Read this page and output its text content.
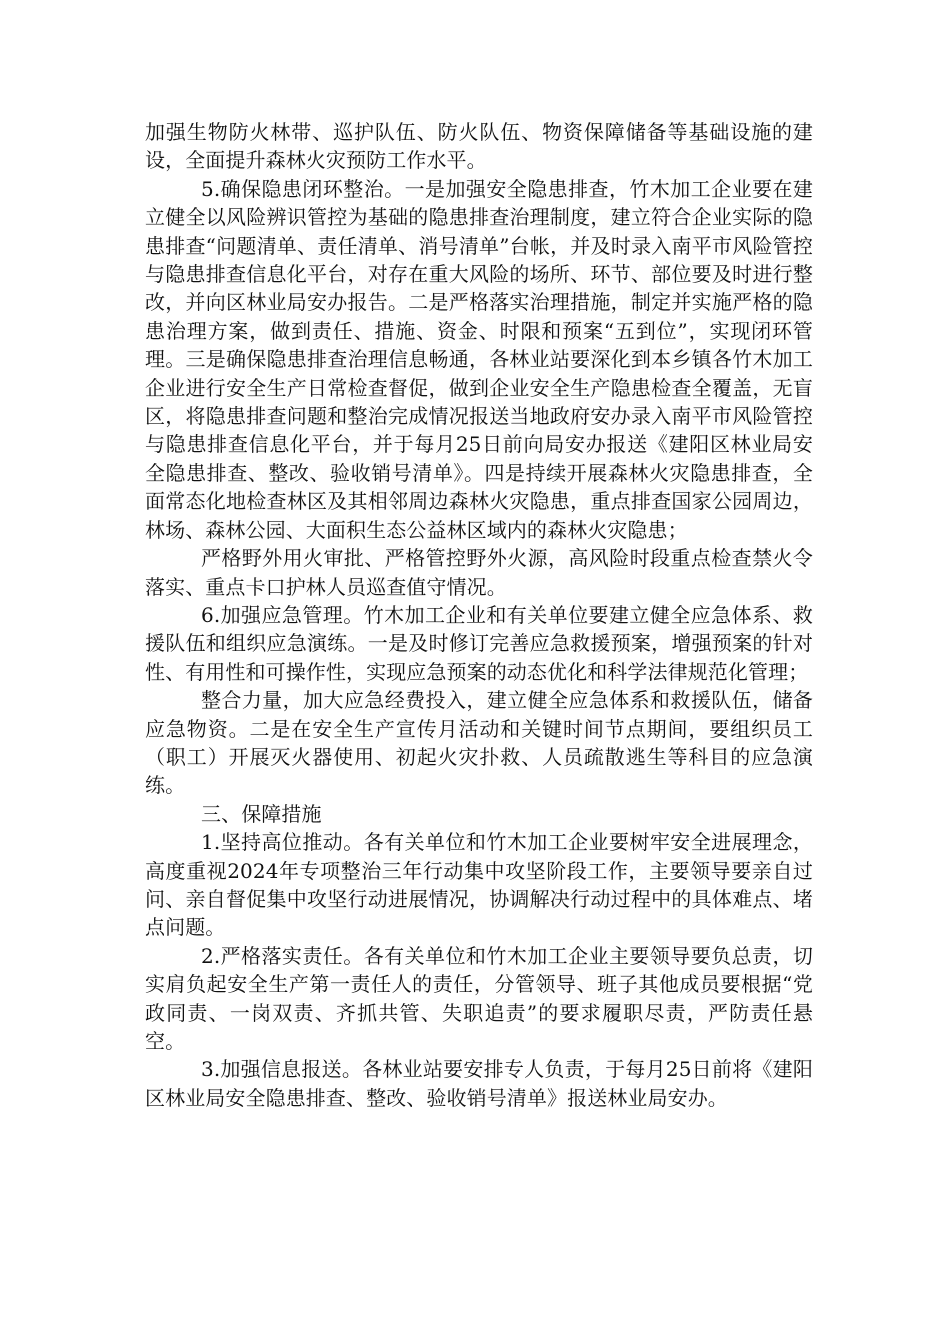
加强生物防火林带、巡护队伍、防火队伍、物资保障储备等基础设施的建设，全面提升森林火灾预防工作水平。

5.确保隐患闭环整治。一是加强安全隐患排查，竹木加工企业要在建立健全以风险辨识管控为基础的隐患排查治理制度，建立符合企业实际的隐患排查“问题清单、责任清单、消号清单”台帐，并及时录入南平市风险管控与隐患排查信息化平台，对存在重大风险的场所、环节、部位要及时进行整改，并向区林业局安办报告。二是严格落实治理措施，制定并实施严格的隐患治理方案，做到责任、措施、资金、时限和预案“五到位”，实现闭环管理。三是确保隐患排查治理信息畅通，各林业站要深化到本乡镇各竹木加工企业进行安全生产日常检查督促，做到企业安全生产隐患检查全覆盖，无盲区，将隐患排查问题和整治完成情况报送当地政府安办录入南平市风险管控与隐患排查信息化平台，并于每月25日前向局安办报送《建阳区林业局安全隐患排查、整改、验收销号清单》。四是持续开展森林火灾隐患排查，全面常态化地检查林区及其相邻周边森林火灾隐患，重点排查国家公园周边，林场、森林公园、大面积生态公益林区域内的森林火灾隐患；

严格野外用火审批、严格管控野外火源，高风险时段重点检查禁火令落实、重点卡口护林人员巡查值守情况。

6.加强应急管理。竹木加工企业和有关单位要建立健全应急体系、救援队伍和组织应急演练。一是及时修订完善应急救援预案，增强预案的针对性、有用性和可操作性，实现应急预案的动态优化和科学法律规范化管理；

整合力量，加大应急经费投入，建立健全应急体系和救援队伍，储备应急物资。二是在安全生产宣传月活动和关键时间节点期间，要组织员工（职工）开展灭火器使用、初起火灾扑救、人员疏散逃生等科目的应急演练。

三、保障措施

1.坚持高位推动。各有关单位和竹木加工企业要树牢安全进展理念，高度重视2024年专项整治三年行动集中攻坚阶段工作，主要领导要亲自过问、亲自督促集中攻坚行动进展情况，协调解决行动过程中的具体难点、堵点问题。

2.严格落实责任。各有关单位和竹木加工企业主要领导要负总责，切实肩负起安全生产第一责任人的责任，分管领导、班子其他成员要根据“党政同责、一岗双责、齐抓共管、失职追责”的要求履职尽责，严防责任悬空。

3.加强信息报送。各林业站要安排专人负责，于每月25日前将《建阳区林业局安全隐患排查、整改、验收销号清单》报送林业局安办。
